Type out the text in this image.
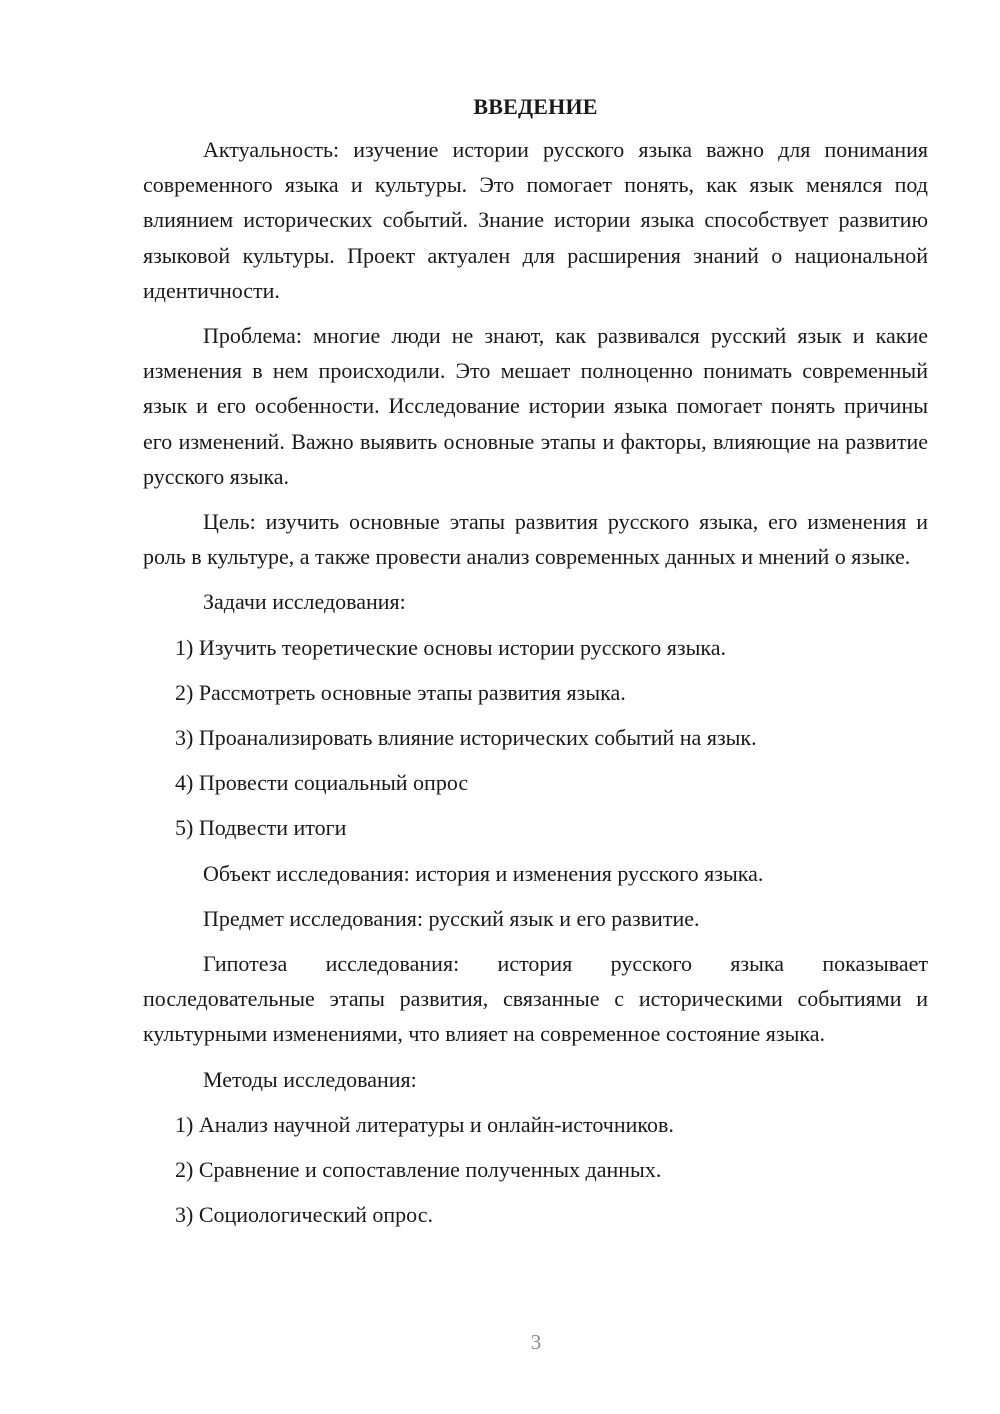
ВВЕДЕНИЕ

Актуальность: изучение истории русского языка важно для понимания современного языка и культуры. Это помогает понять, как язык менялся под влиянием исторических событий. Знание истории языка способствует развитию языковой культуры. Проект актуален для расширения знаний о национальной идентичности.

Проблема: многие люди не знают, как развивался русский язык и какие изменения в нем происходили. Это мешает полноценно понимать современный язык и его особенности. Исследование истории языка помогает понять причины его изменений. Важно выявить основные этапы и факторы, влияющие на развитие русского языка.

Цель: изучить основные этапы развития русского языка, его изменения и роль в культуре, а также провести анализ современных данных и мнений о языке.

Задачи исследования:
1) Изучить теоретические основы истории русского языка.
2) Рассмотреть основные этапы развития языка.
3) Проанализировать влияние исторических событий на язык.
4) Провести социальный опрос
5) Подвести итоги
Объект исследования: история и изменения русского языка.
Предмет исследования: русский язык и его развитие.

Гипотеза исследования: история русского языка показывает последовательные этапы развития, связанные с историческими событиями и культурными изменениями, что влияет на современное состояние языка.

Методы исследования:
1) Анализ научной литературы и онлайн-источников.
2) Сравнение и сопоставление полученных данных.
3) Социологический опрос.
3
